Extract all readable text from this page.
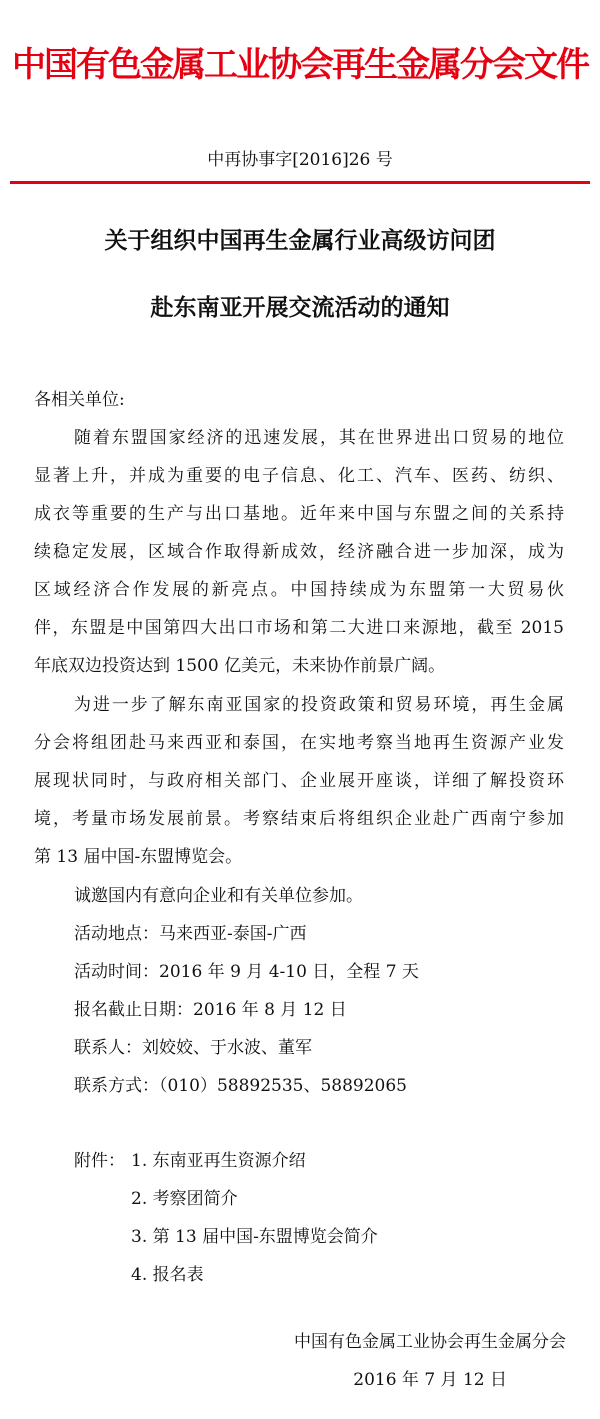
中国有色金属工业协会再生金属分会文件
中再协事字[2016]26 号
关于组织中国再生金属行业高级访问团
赴东南亚开展交流活动的通知
各相关单位:
随着东盟国家经济的迅速发展，其在世界进出口贸易的地位
显著上升，并成为重要的电子信息、化工、汽车、医药、纺织、
成衣等重要的生产与出口基地。近年来中国与东盟之间的关系持
续稳定发展，区域合作取得新成效，经济融合进一步加深，成为
区域经济合作发展的新亮点。中国持续成为东盟第一大贸易伙
伴，东盟是中国第四大出口市场和第二大进口来源地，截至 2015
年底双边投资达到 1500 亿美元，未来协作前景广阔。
为进一步了解东南亚国家的投资政策和贸易环境，再生金属
分会将组团赴马来西亚和泰国，在实地考察当地再生资源产业发
展现状同时，与政府相关部门、企业展开座谈，详细了解投资环
境，考量市场发展前景。考察结束后将组织企业赴广西南宁参加
第 13 届中国-东盟博览会。
诚邀国内有意向企业和有关单位参加。
活动地点：马来西亚-泰国-广西
活动时间：2016 年 9 月 4-10 日，全程 7 天
报名截止日期：2016 年 8 月 12 日
联系人：刘姣姣、于水波、董军
联系方式：（010）58892535、58892065
附件： 1. 东南亚再生资源介绍
2. 考察团简介
3. 第 13 届中国-东盟博览会简介
4. 报名表
中国有色金属工业协会再生金属分会
2016 年 7 月 12 日
